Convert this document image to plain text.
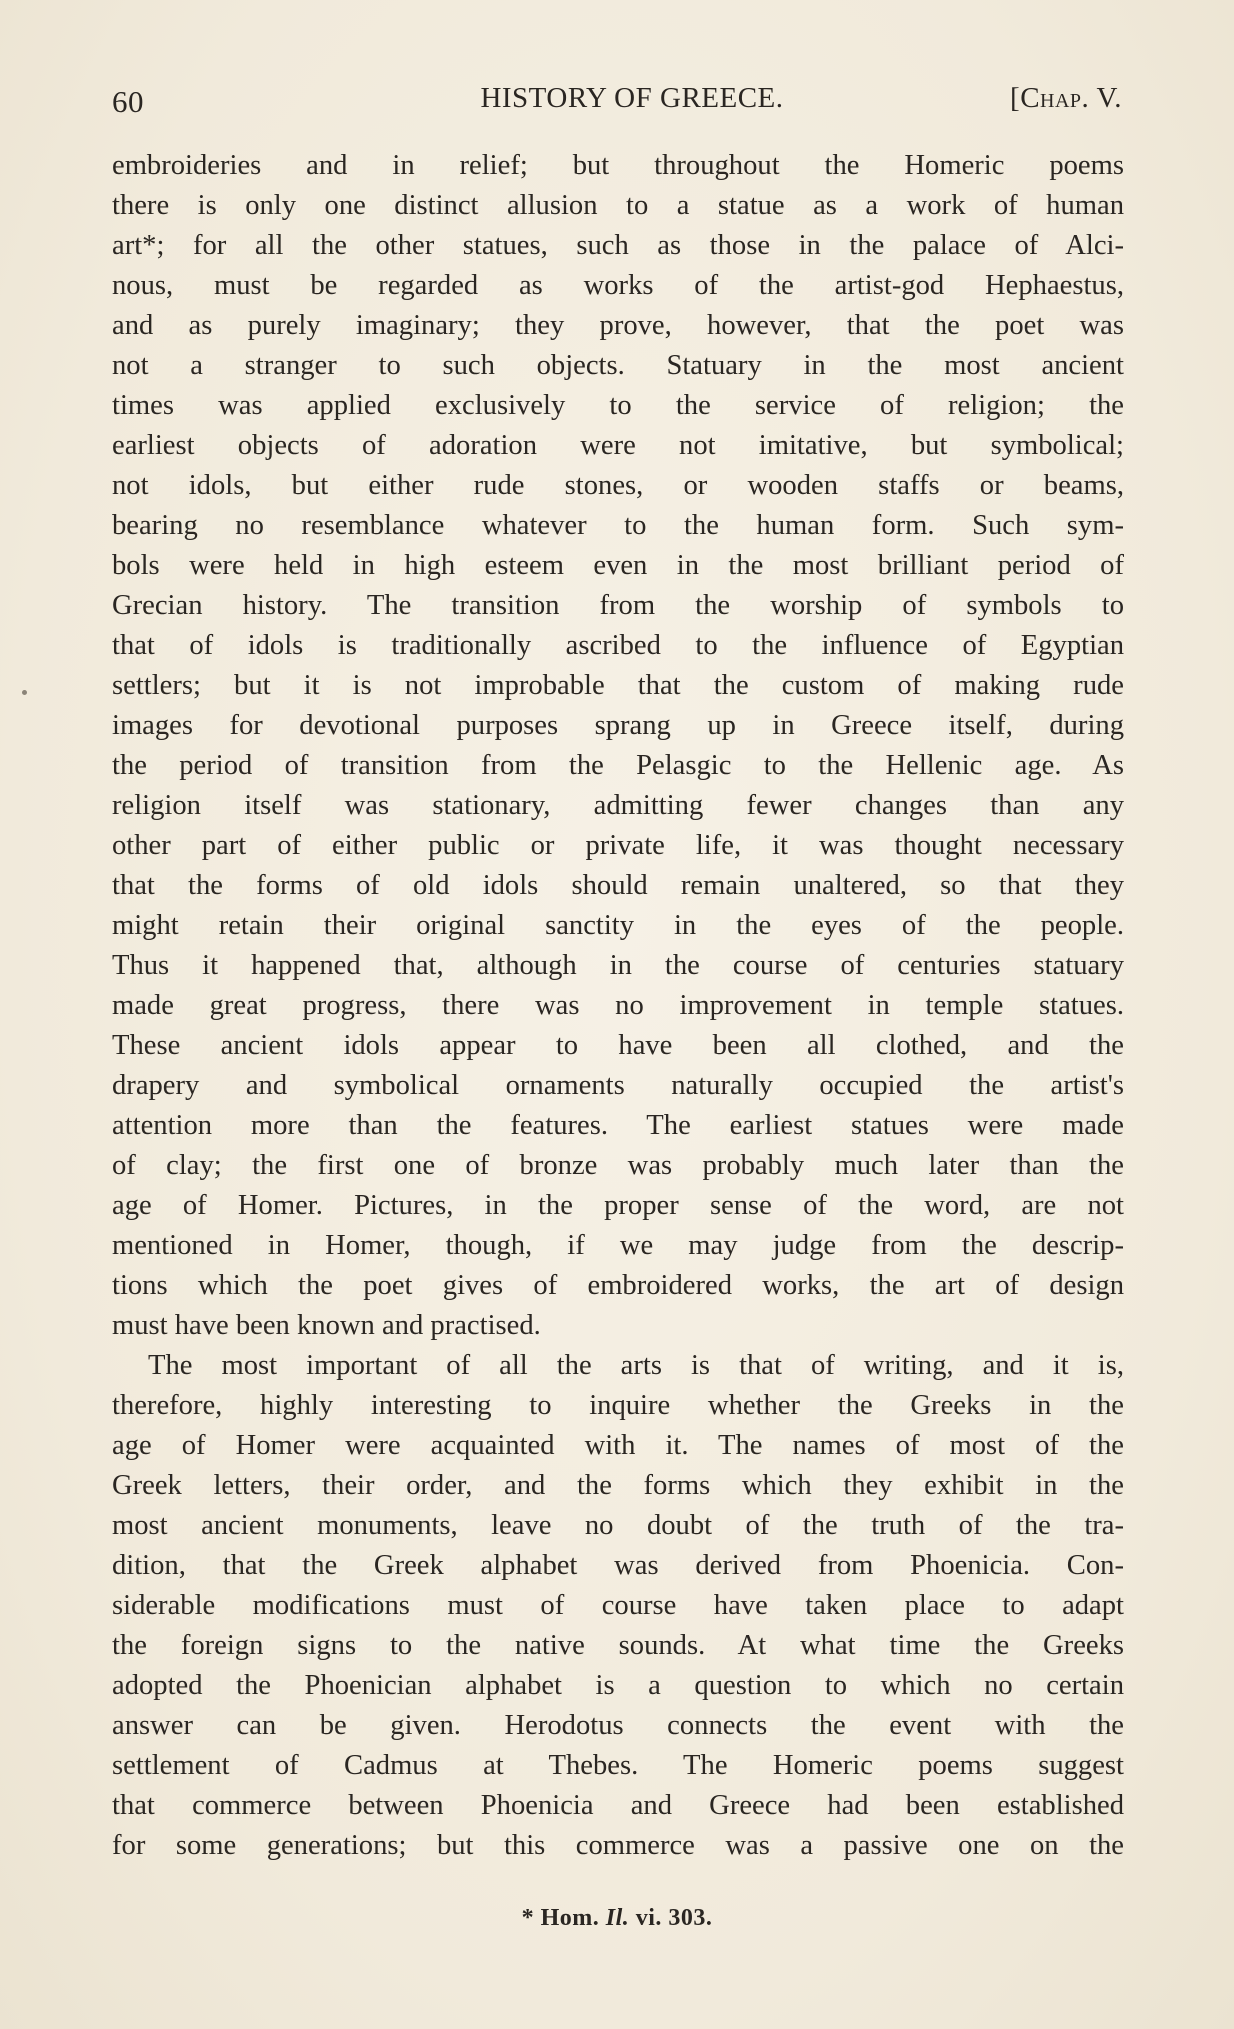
60	HISTORY OF GREECE.	[Chap. V.
embroideries and in relief; but throughout the Homeric poems
there is only one distinct allusion to a statue as a work of human
art*; for all the other statues, such as those in the palace of Alci-
nous, must be regarded as works of the artist-god Hephaestus,
and as purely imaginary; they prove, however, that the poet was
not a stranger to such objects. Statuary in the most ancient
times was applied exclusively to the service of religion; the
earliest objects of adoration were not imitative, but symbolical;
not idols, but either rude stones, or wooden staffs or beams,
bearing no resemblance whatever to the human form. Such sym-
bols were held in high esteem even in the most brilliant period of
Grecian history. The transition from the worship of symbols to
that of idols is traditionally ascribed to the influence of Egyptian
settlers; but it is not improbable that the custom of making rude
images for devotional purposes sprang up in Greece itself, during
the period of transition from the Pelasgic to the Hellenic age. As
religion itself was stationary, admitting fewer changes than any
other part of either public or private life, it was thought necessary
that the forms of old idols should remain unaltered, so that they
might retain their original sanctity in the eyes of the people.
Thus it happened that, although in the course of centuries statuary
made great progress, there was no improvement in temple statues.
These ancient idols appear to have been all clothed, and the
drapery and symbolical ornaments naturally occupied the artist's
attention more than the features. The earliest statues were made
of clay; the first one of bronze was probably much later than the
age of Homer. Pictures, in the proper sense of the word, are not
mentioned in Homer, though, if we may judge from the descrip-
tions which the poet gives of embroidered works, the art of design
must have been known and practised.
The most important of all the arts is that of writing, and it is,
therefore, highly interesting to inquire whether the Greeks in the
age of Homer were acquainted with it. The names of most of the
Greek letters, their order, and the forms which they exhibit in the
most ancient monuments, leave no doubt of the truth of the tra-
dition, that the Greek alphabet was derived from Phoenicia. Con-
siderable modifications must of course have taken place to adapt
the foreign signs to the native sounds. At what time the Greeks
adopted the Phoenician alphabet is a question to which no certain
answer can be given. Herodotus connects the event with the
settlement of Cadmus at Thebes. The Homeric poems suggest
that commerce between Phoenicia and Greece had been established
for some generations; but this commerce was a passive one on the
* Hom. Il. vi. 303.
